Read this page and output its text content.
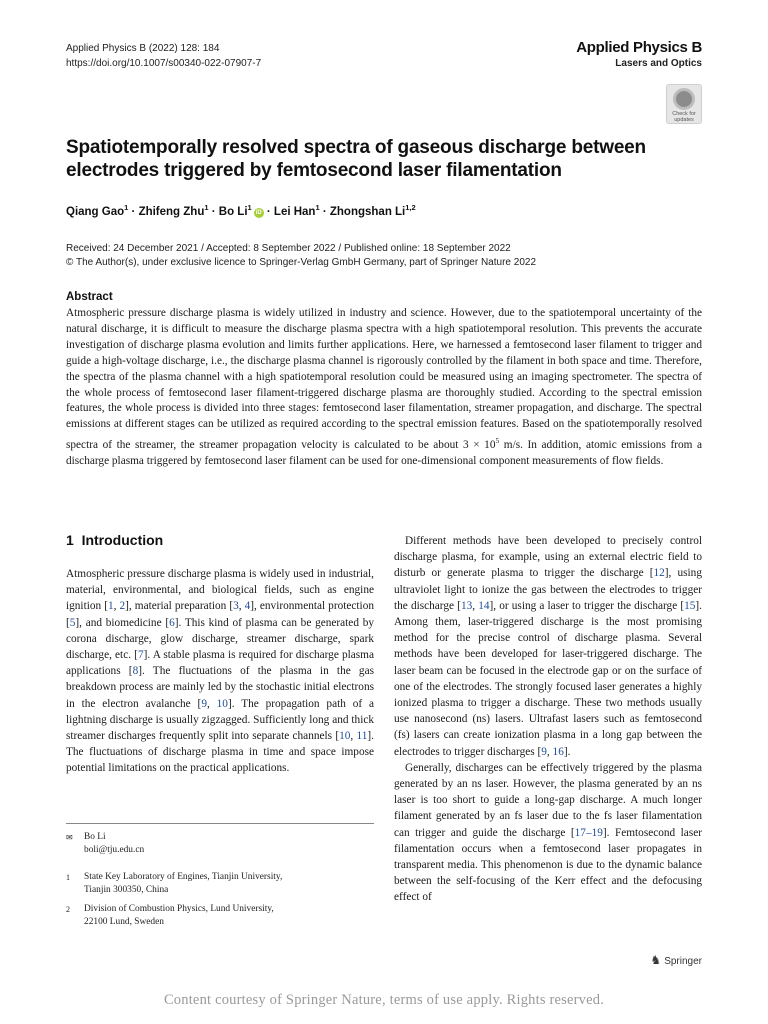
Applied Physics B (2022) 128: 184
https://doi.org/10.1007/s00340-022-07907-7
Applied Physics B
Lasers and Optics
Check for
updates
Spatiotemporally resolved spectra of gaseous discharge between electrodes triggered by femtosecond laser filamentation
Qiang Gao$^1$ · Zhifeng Zhu$^1$ · Bo $Li^1iD$ · Lei Han$^1$ · Zhongshan Li$^{1,2}$
Received: 24 December 2021 / Accepted: 8 September 2022 / Published online: 18 September 2022
© The Author(s), under exclusive licence to Springer-Verlag GmbH Germany, part of Springer Nature 2022
Abstract
Atmospheric pressure discharge plasma is widely utilized in industry and science. However, due to the spatiotemporal uncertainty of the natural discharge, it is difficult to measure the discharge plasma spectra with a high spatiotemporal resolution. This prevents the accurate investigation of discharge plasma evolution and limits further applications. Here, we harnessed a femtosecond laser filament to trigger and guide a high-voltage discharge, i.e., the discharge plasma channel is rigorously controlled by the filament in both space and time. Therefore, the spectra of the plasma channel with a high spatiotemporal resolution could be measured using an imaging spectrometer. The spectra of the whole process of femtosecond laser filament-triggered discharge plasma are thoroughly studied. According to the spectral emission features, the whole process is divided into three stages: femtosecond laser filamentation, streamer propagation, and discharge. The spectral emissions at different stages can be utilized as required according to the spectral emission features. Based on the spatiotemporally resolved spectra of the streamer, the streamer propagation velocity is calculated to be about $3 \times 10^5$ m/s. In addition, atomic emissions from a discharge plasma triggered by femtosecond laser filament can be used for one-dimensional component measurements of flow fields.
1 Introduction

Atmospheric pressure discharge plasma is widely used in industrial, material, environmental, and biological fields, such as engine ignition [1, 2], material preparation [3, 4], environmental protection [5], and biomedicine [6]. This kind of plasma can be generated by corona discharge, glow discharge, streamer discharge, spark discharge, etc. [7]. A stable plasma is required for discharge plasma applications [8]. The fluctuations of the plasma in the gas breakdown process are mainly led by the stochastic initial electrons in the electron avalanche [9, 10]. The propagation path of a lightning discharge is usually zigzagged. Sufficiently long and thick streamer discharges frequently split into separate channels [10, 11]. The fluctuations of discharge plasma in time and space impose potential limitations on the practical applications.

Different methods have been developed to precisely control discharge plasma, for example, using an external electric field to disturb or generate plasma to trigger the discharge [12], using ultraviolet light to ionize the gas between the electrodes to trigger the discharge [13, 14], or using a laser to trigger the discharge [15]. Among them, laser-triggered discharge is the most promising method for the precise control of discharge plasma. Several methods have been developed for laser-triggered discharge. The laser beam can be focused in the electrode gap or on the surface of one of the electrodes. The strongly focused laser generates a highly ionized plasma to trigger a discharge. These two methods usually use nanosecond (ns) lasers. Ultrafast lasers such as femtosecond (fs) lasers can create ionization plasma in a long gap between the electrodes to trigger discharges [9, 16].

Generally, discharges can be effectively triggered by the plasma generated by an ns laser. However, the plasma generated by an ns laser is too short to guide a long-gap discharge. A much longer filament generated by an fs laser due to the fs laser filamentation can trigger and guide the discharge [17–19]. Femtosecond laser filamentation occurs when a femtosecond laser propagates in transparent media. This phenomenon is due to the dynamic balance between the self-focusing of the Kerr effect and the defocusing effect of

✉ Bo Li
boli@tju.edu.cn
1 State Key Laboratory of Engines, Tianjin University,
Tianjin 300350, China
2 Division of Combustion Physics, Lund University,
22100 Lund, Sweden
♞ Springer
Content courtesy of Springer Nature, terms of use apply. Rights reserved.
